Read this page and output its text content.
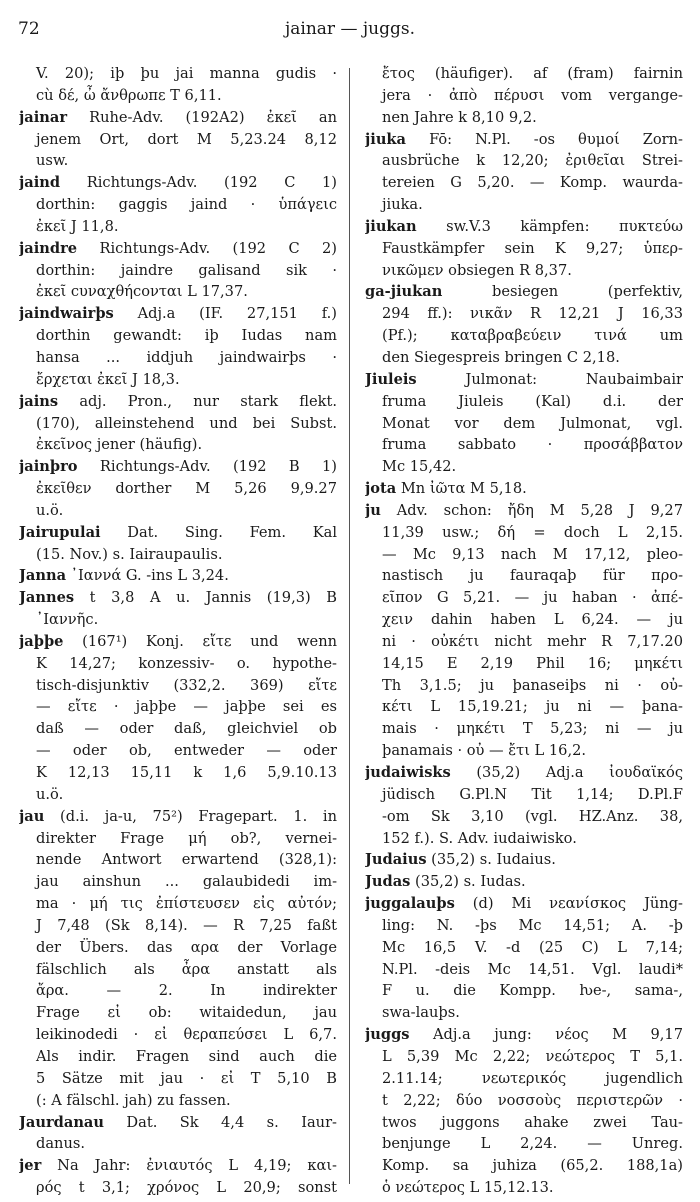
72	jainar — juggs.
V. 20); iþ þu jai manna gudis ·
cù δέ, ὦ ἄνθρωπε T 6,11.
jainar Ruhe-Adv. (192A2) ἐκεῖ an
jenem Ort, dort M 5,23.24 8,12
usw.
jaind Richtungs-Adv. (192 C 1)
dorthin: gaggis jaind · ὑπάγειc
ἐκεῖ J 11,8.
jaindre Richtungs-Adv. (192 C 2)
dorthin: jaindre galisand sik ·
ἐκεῖ cυναχθήcονται L 17,37.
jaindwairþs Adj.a (IF. 27,151 f.)
dorthin gewandt: iþ Iudas nam
hansa ... iddjuh jaindwairþs ·
ἔρχεται ἐκεῖ J 18,3.
jains adj. Pron., nur stark flekt.
(170), alleinstehend und bei Subst.
ἐκεῖνος jener (häufig).
jainþro Richtungs-Adv. (192 B 1)
ἐκεῖθεν dorther M 5,26 9,9.27
u.ö.
Jairupulai Dat. Sing. Fem. Kal
(15. Nov.) s. Iairaupaulis.
Janna ᾿Ιαννά G. -ins L 3,24.
Jannes t 3,8 A u. Jannis (19,3) B
᾿Ιαννῆc.
jaþþe (167¹) Konj. εἴτε und wenn
K 14,27; konzessiv- o. hypothe-
tisch-disjunktiv (332,2. 369) εἴτε
— εἴτε · jaþþe — jaþþe sei es
daß — oder daß, gleichviel ob
— oder ob, entweder — oder
K 12,13 15,11 k 1,6 5,9.10.13
u.ö.
jau (d.i. ja-u, 75²) Fragepart. 1. in
direkter Frage μή ob?, vernei-
nende Antwort erwartend (328,1):
jau ainshun ... galaubidedi im-
ma · μή τις ἐπίστευσεν εἰς αὐτόν;
J 7,48 (Sk 8,14). — R 7,25 faßt
der Übers. das αρα der Vorlage
fälschlich als ἆρα anstatt als
ἄρα. — 2. In indirekter
Frage εἰ ob: witaidedun, jau
leikinodedi · εἰ θεραπεύσει L 6,7.
Als indir. Fragen sind auch die
5 Sätze mit jau · εἰ T 5,10 B
(: A fälschl. jah) zu fassen.
Jaurdanau Dat. Sk 4,4 s. Iaur-
danus.
jer Na Jahr: ἐνιαυτός L 4,19; και-
ρός t 3,1; χρόνος L 20,9; sonst
ἔτος (häufiger). af (fram) fairnin
jera · ἀπὸ πέρυσι vom vergange-
nen Jahre k 8,10 9,2.
jiuka Fō: N.Pl. -os θυμοί Zorn-
ausbrüche k 12,20; ἐριθεῖαι Strei-
tereien G 5,20. — Komp. waurda-
jiuka.
jiukan sw.V.3 kämpfen: πυκτεύω
Faustkämpfer sein K 9,27; ὑπερ-
νικῶμεν obsiegen R 8,37.
ga-jiukan besiegen (perfektiv,
294 ff.): νικᾶν R 12,21 J 16,33
(Pf.); καταβραβεύειν τινά um
den Siegespreis bringen C 2,18.
Jiuleis Julmonat: Naubaimbair
fruma Jiuleis (Kal) d.i. der
Monat vor dem Julmonat, vgl.
fruma sabbato · προσάββατον
Mc 15,42.
jota Mn ἰῶτα M 5,18.
ju Adv. schon: ἤδη M 5,28 J 9,27
11,39 usw.; δή = doch L 2,15.
— Mc 9,13 nach M 17,12, pleo-
nastisch ju fauraqaþ für προ-
εῖπον G 5,21. — ju haban · ἀπέ-
χειν dahin haben L 6,24. — ju
ni · οὐκέτι nicht mehr R 7,17.20
14,15 E 2,19 Phil 16; μηκέτι
Th 3,1.5; ju þanaseiþs ni · οὐ-
κέτι L 15,19.21; ju ni — þana-
mais · μηκέτι T 5,23; ni — ju
þanamais · οὐ — ἔτι L 16,2.
judaiwisks (35,2) Adj.a ἰουδαϊκός
jüdisch G.Pl.N Tit 1,14; D.Pl.F
-om Sk 3,10 (vgl. HZ.Anz. 38,
152 f.). S. Adv. iudaiwisko.
Judaius (35,2) s. Iudaius.
Judas (35,2) s. Iudas.
juggalauþs (d) Mi νεανίσκος Jüng-
ling: N. -þs Mc 14,51; A. -þ
Mc 16,5 V. -d (25 C) L 7,14;
N.Pl. -deis Mc 14,51. Vgl. laudi*
F u. die Kompp. ƕe-, sama-,
swa-lauþs.
juggs Adj.a jung: νέος M 9,17
L 5,39 Mc 2,22; νεώτερος T 5,1.
2.11.14; νεωτερικός jugendlich
t 2,22; δύο νοσσοὺς περιστερῶν ·
twos juggons ahake zwei Tau-
benjunge L 2,24. — Unreg.
Komp. sa juhiza (65,2. 188,1a)
ὁ νεώτερος L 15,12.13.
